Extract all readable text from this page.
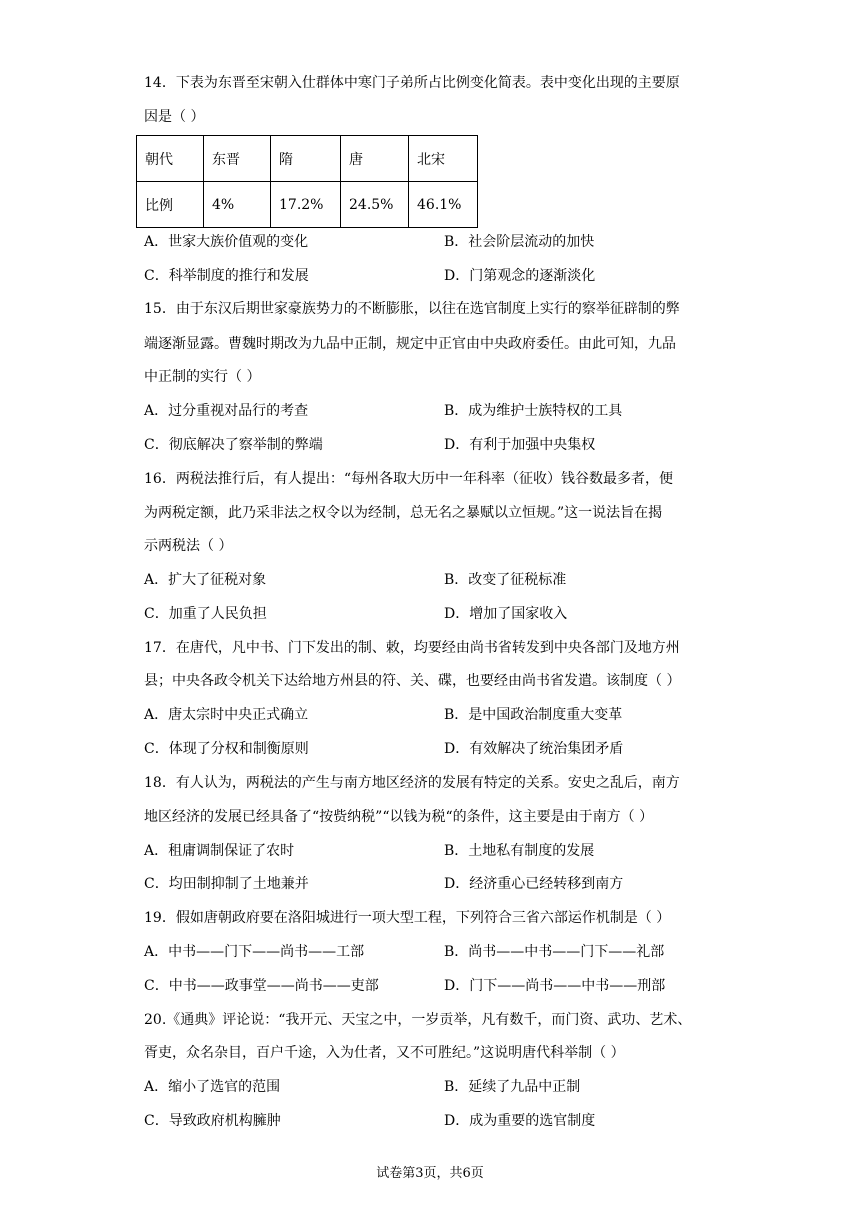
14．下表为东晋至宋朝入仕群体中寒门子弟所占比例变化简表。表中变化出现的主要原
因是（ ）
朝代	东晋	隋	唐	北宋
比例	4%	17.2%	24.5%	46.1%
A．世家大族价值观的变化	B．社会阶层流动的加快
C．科举制度的推行和发展	D．门第观念的逐渐淡化
15．由于东汉后期世家豪族势力的不断膨胀，以往在选官制度上实行的察举征辟制的弊
端逐渐显露。曹魏时期改为九品中正制，规定中正官由中央政府委任。由此可知，九品
中正制的实行（ ）
A．过分重视对品行的考查	B．成为维护士族特权的工具
C．彻底解决了察举制的弊端	D．有利于加强中央集权
16．两税法推行后，有人提出：“每州各取大历中一年科率（征收）钱谷数最多者，便
为两税定额，此乃采非法之权令以为经制，总无名之暴赋以立恒规。”这一说法旨在揭
示两税法（ ）
A．扩大了征税对象	B．改变了征税标准
C．加重了人民负担	D．增加了国家收入
17．在唐代，凡中书、门下发出的制、敕，均要经由尚书省转发到中央各部门及地方州
县；中央各政令机关下达给地方州县的符、关、碟，也要经由尚书省发遣。该制度（ ）
A．唐太宗时中央正式确立	B．是中国政治制度重大变革
C．体现了分权和制衡原则	D．有效解决了统治集团矛盾
18．有人认为，两税法的产生与南方地区经济的发展有特定的关系。安史之乱后，南方
地区经济的发展已经具备了“按赀纳税”“以钱为税“的条件，这主要是由于南方（ ）
A．租庸调制保证了农时	B．土地私有制度的发展
C．均田制抑制了土地兼并	D．经济重心已经转移到南方
19．假如唐朝政府要在洛阳城进行一项大型工程，下列符合三省六部运作机制是（ ）
A．中书——门下——尚书——工部	B．尚书——中书——门下——礼部
C．中书——政事堂——尚书——吏部	D．门下——尚书——中书——刑部
20.《通典》评论说：“我开元、天宝之中，一岁贡举，凡有数千，而门资、武功、艺术、
胥吏，众名杂目，百户千途，入为仕者，又不可胜纪。”这说明唐代科举制（ ）
A．缩小了选官的范围	B．延续了九品中正制
C．导致政府机构臃肿	D．成为重要的选官制度
试卷第3页，共6页
